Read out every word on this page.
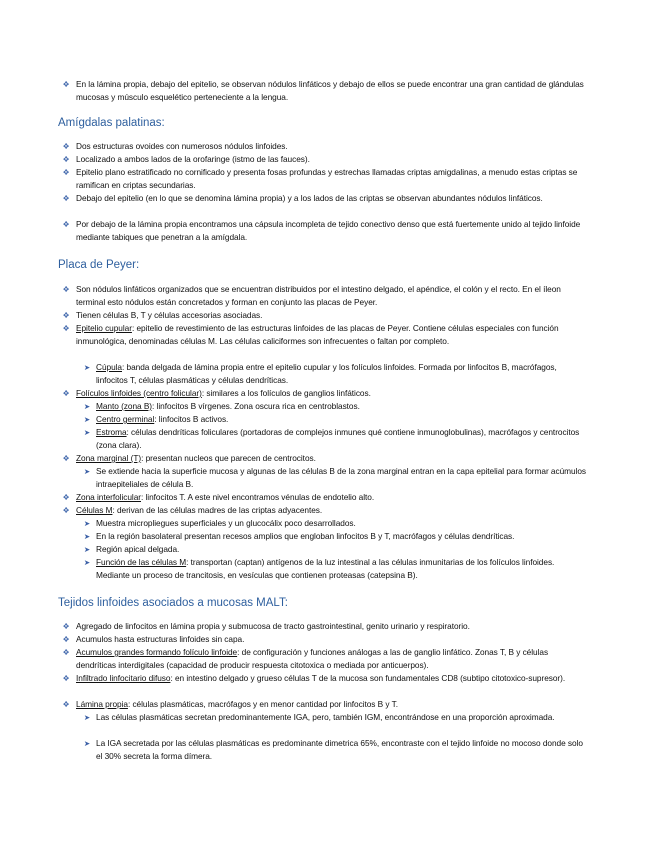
❖ En la lámina propia, debajo del epitelio, se observan nódulos linfáticos y debajo de ellos se puede encontrar una gran cantidad de glándulas mucosas y músculo esquelético perteneciente a la lengua.
Amígdalas palatinas:
❖ Dos estructuras ovoides con numerosos nódulos linfoides.
❖ Localizado a ambos lados de la orofaringe (istmo de las fauces).
❖ Epitelio plano estratificado no cornificado y presenta fosas profundas y estrechas llamadas criptas amigdalinas, a menudo estas criptas se ramifican en criptas secundarias.
❖ Debajo del epitelio (en lo que se denomina lámina propia) y a los lados de las criptas se observan abundantes nódulos linfáticos.
❖ Por debajo de la lámina propia encontramos una cápsula incompleta de tejido conectivo denso que está fuertemente unido al tejido linfoide mediante tabiques que penetran a la amígdala.
Placa de Peyer:
❖ Son nódulos linfáticos organizados que se encuentran distribuidos por el intestino delgado, el apéndice, el colón y el recto. En el íleon terminal esto nódulos están concretados y forman en conjunto las placas de Peyer.
❖ Tienen células B, T y células accesorias asociadas.
❖ Epitelio cupular: epitelio de revestimiento de las estructuras linfoides de las placas de Peyer. Contiene células especiales con función inmunológica, denominadas células M. Las células caliciformes son infrecuentes o faltan por completo.
➤ Cúpula: banda delgada de lámina propia entre el epitelio cupular y los folículos linfoides. Formada por linfocitos B, macrófagos, linfocitos T, células plasmáticas y células dendríticas.
❖ Folículos linfoides (centro folicular): similares a los folículos de ganglios linfáticos.
➤ Manto (zona B): linfocitos B vírgenes. Zona oscura rica en centroblastos.
➤ Centro germinal: linfocitos B activos.
➤ Estroma: células dendríticas foliculares (portadoras de complejos inmunes qué contiene inmunoglobulinas), macrófagos y centrocitos (zona clara).
❖ Zona marginal (T): presentan nucleos que parecen de centrocitos.
➤ Se extiende hacia la superficie mucosa y algunas de las células B de la zona marginal entran en la capa epitelial para formar acúmulos intraepiteliales de célula B.
❖ Zona interfolicular: linfocitos T. A este nivel encontramos vénulas de endotelio alto.
❖ Células M: derivan de las células madres de las criptas adyacentes.
➤ Muestra micropliegues superficiales y un glucocálix poco desarrollados.
➤ En la región basolateral presentan recesos amplios que engloban linfocitos B y T, macrófagos y células dendríticas.
➤ Región apical delgada.
➤ Función de las células M: transportan (captan) antígenos de la luz intestinal a las células inmunitarias de los folículos linfoides. Mediante un proceso de trancitosis, en vesículas que contienen proteasas (catepsina B).
Tejidos linfoides asociados a mucosas MALT:
❖ Agregado de linfocitos en lámina propia y submucosa de tracto gastrointestinal, genito urinario y respiratorio.
❖ Acumulos hasta estructuras linfoides sin capa.
❖ Acumulos grandes formando folículo linfoide: de configuración y funciones análogas a las de ganglio linfático. Zonas T, B y células dendríticas interdigitales (capacidad de producir respuesta citotoxica o mediada por anticuerpos).
❖ Infiltrado linfocitario difuso: en intestino delgado y grueso células T de la mucosa son fundamentales CD8 (subtipo citotoxico-supresor).
❖ Lámina propia: células plasmáticas, macrófagos y en menor cantidad por linfocitos B y T.
➤ Las células plasmáticas secretan predominantemente IGA, pero, también IGM, encontrándose en una proporción aproximada.
➤ La IGA secretada por las células plasmáticas es predominante dimetrica 65%, encontraste con el tejido linfoide no mocoso donde solo el 30% secreta la forma dímera.
